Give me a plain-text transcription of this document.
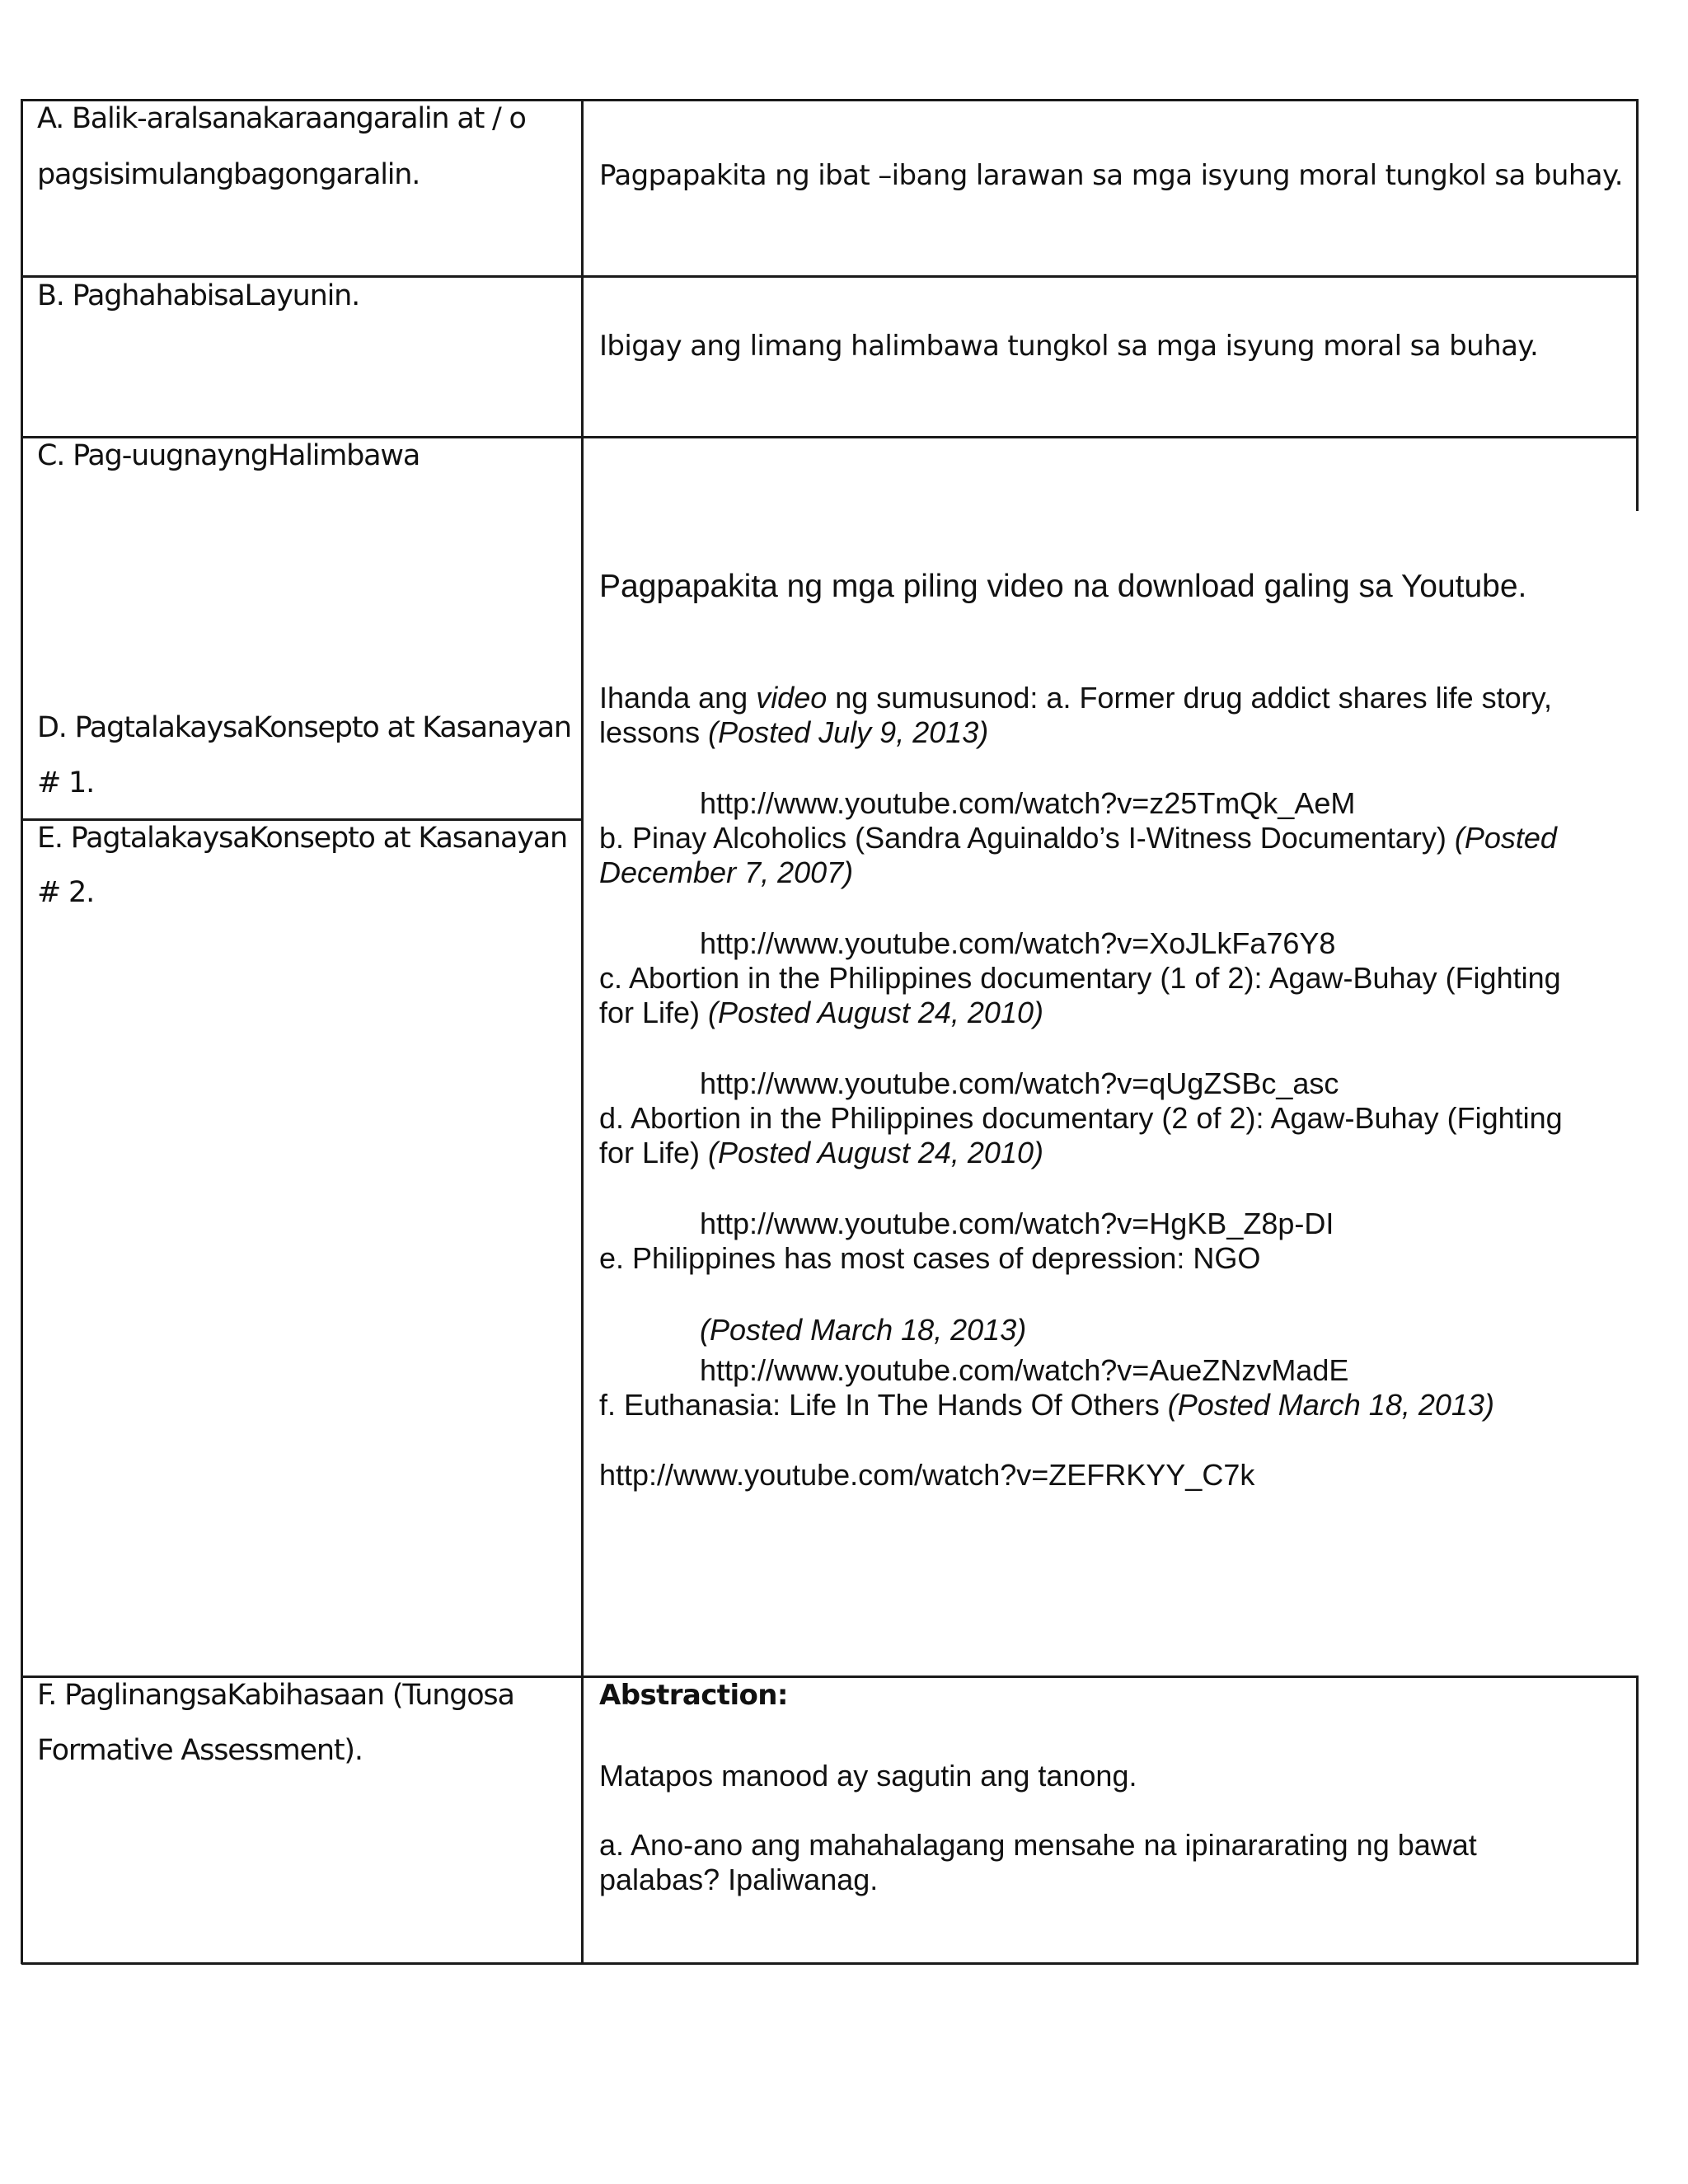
A. Balik-aralsanakaraangaralin at / o
pagsisimulangbagongaralin.	Pagpapakita ng ibat –ibang larawan sa mga isyung moral tungkol sa buhay.
B. PaghahabisaLayunin.
Ibigay ang limang halimbawa tungkol sa mga isyung moral sa buhay.
C. Pag-uugnayngHalimbawa
Pagpapakita ng mga piling video na download galing sa Youtube.
D. PagtalakaysaKonsepto at Kasanayan
# 1.
E. PagtalakaysaKonsepto at Kasanayan
# 2.
Ihanda ang video ng sumusunod: a. Former drug addict shares life story,
lessons (Posted July 9, 2013)
http://www.youtube.com/watch?v=z25TmQk_AeM
b. Pinay Alcoholics (Sandra Aguinaldo’s I-Witness Documentary) (Posted
December 7, 2007)
http://www.youtube.com/watch?v=XoJLkFa76Y8
c. Abortion in the Philippines documentary (1 of 2): Agaw-Buhay (Fighting
for Life) (Posted August 24, 2010)
http://www.youtube.com/watch?v=qUgZSBc_asc
d. Abortion in the Philippines documentary (2 of 2): Agaw-Buhay (Fighting
for Life) (Posted August 24, 2010)
http://www.youtube.com/watch?v=HgKB_Z8p-DI
e. Philippines has most cases of depression: NGO
(Posted March 18, 2013)
http://www.youtube.com/watch?v=AueZNzvMadE
f. Euthanasia: Life In The Hands Of Others (Posted March 18, 2013)
http://www.youtube.com/watch?v=ZEFRKYY_C7k
F. PaglinangsaKabihasaan (Tungosa
Formative Assessment).
Abstraction:
Matapos manood ay sagutin ang tanong.
a. Ano-ano ang mahahalagang mensahe na ipinararating ng bawat
palabas? Ipaliwanag.
